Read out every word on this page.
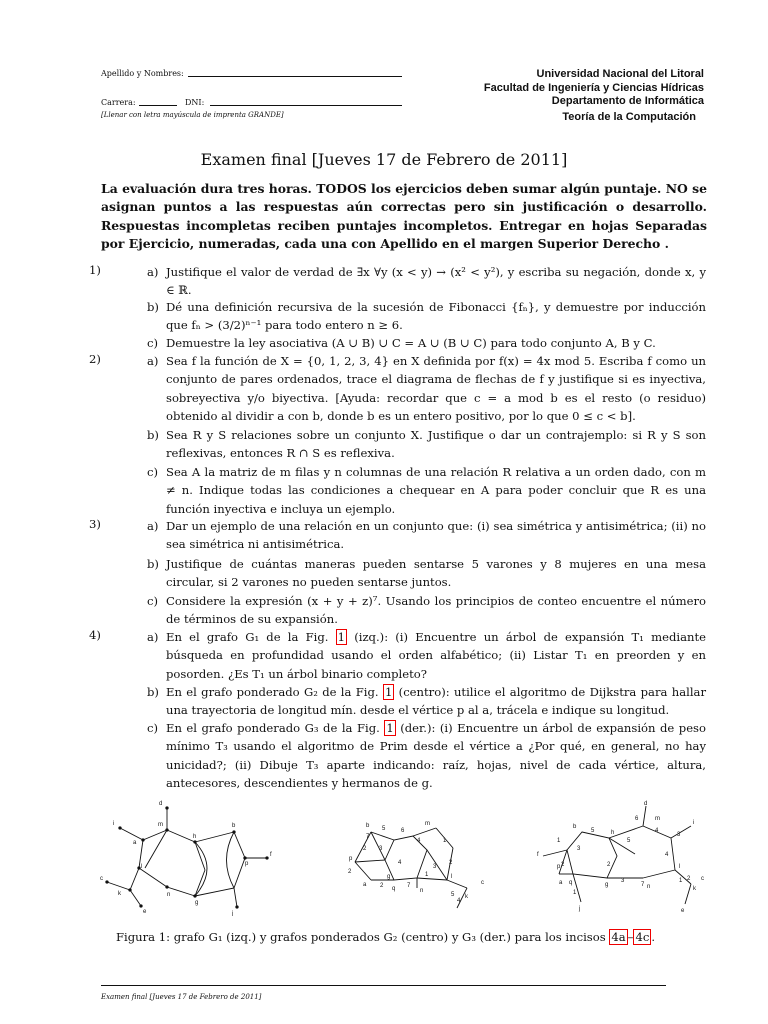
Apellido y Nombres:
Carrera:	DNI:
[Llenar con letra mayúscula de imprenta GRANDE]
Universidad Nacional del Litoral
Facultad de Ingeniería y Ciencias Hídricas
Departamento de Informática
Teoría de la Computación
Examen final [Jueves 17 de Febrero de 2011]
La evaluación dura tres horas. TODOS los ejercicios deben sumar algún puntaje. NO se asignan puntos a las respuestas aún correctas pero sin justificación o desarrollo. Respuestas incompletas reciben puntajes incompletos. Entregar en hojas Separadas por Ejercicio, numeradas, cada una con Apellido en el margen Superior Derecho .
1)	a) Justifique el valor de verdad de ∃x ∀y (x < y) → (x² < y²), y escriba su negación, donde x, y ∈ ℝ.
b) Dé una definición recursiva de la sucesión de Fibonacci {fₙ}, y demuestre por inducción que fₙ > (3/2)ⁿ⁻¹ para todo entero n ≥ 6.
c) Demuestre la ley asociativa (A ∪ B) ∪ C = A ∪ (B ∪ C) para todo conjunto A, B y C.
2)	a) Sea f la función de X = {0, 1, 2, 3, 4} en X definida por f(x) = 4x mod 5. Escriba f como un conjunto de pares ordenados, trace el diagrama de flechas de f y justifique si es inyectiva, sobreyectiva y/o biyectiva. [Ayuda: recordar que c = a mod b es el resto (o residuo) obtenido al dividir a con b, donde b es un entero positivo, por lo que 0 ≤ c < b].
b) Sea R y S relaciones sobre un conjunto X. Justifique o dar un contrajemplo: si R y S son reflexivas, entonces R ∩ S es reflexiva.
c) Sea A la matriz de m filas y n columnas de una relación R relativa a un orden dado, con m ≠ n. Indique todas las condiciones a chequear en A para poder concluir que R es una función inyectiva e incluya un ejemplo.
3)	a) Dar un ejemplo de una relación en un conjunto que: (i) sea simétrica y antisimétrica; (ii) no sea simétrica ni antisimétrica.
b) Justifique de cuántas maneras pueden sentarse 5 varones y 8 mujeres en una mesa circular, si 2 varones no pueden sentarse juntos.
c) Considere la expresión (x + y + z)⁷. Usando los principios de conteo encuentre el número de términos de su expansión.
4)	a) En el grafo G₁ de la Fig. 1 (izq.): (i) Encuentre un árbol de expansión T₁ mediante búsqueda en profundidad usando el orden alfabético; (ii) Listar T₁ en preorden y en posorden. ¿Es T₁ un árbol binario completo?
b) En el grafo ponderado G₂ de la Fig. 1 (centro): utilice el algoritmo de Dijkstra para hallar una trayectoria de longitud mín. desde el vértice p al a, trácela e indique su longitud.
c) En el grafo ponderado G₃ de la Fig. 1 (der.): (i) Encuentre un árbol de expansión de peso mínimo T₃ usando el algoritmo de Prim desde el vértice a ¿Por qué, en general, no hay unicidad?; (ii) Dibuje T₃ aparte indicando: raíz, hojas, nivel de cada vértice, altura, antecesores, descendientes y hermanos de g.
d
i	m
h
b
a
f
p
c
k	n
g
j
e
l
7
2
5	6
3
4
4	1
3
2
7
1
2
2
5
4
b	m
l
p
a
q
g
n
k
c
6
5
5
4
3
4
3
7
1
2	2
3	1 2
1
d
i
b
m
f
h
p	l
c
e
a q	g	n	k
j
Figura 1: grafo G₁ (izq.) y grafos ponderados G₂ (centro) y G₃ (der.) para los incisos 4a – 4c .
Examen final [Jueves 17 de Febrero de 2011]
